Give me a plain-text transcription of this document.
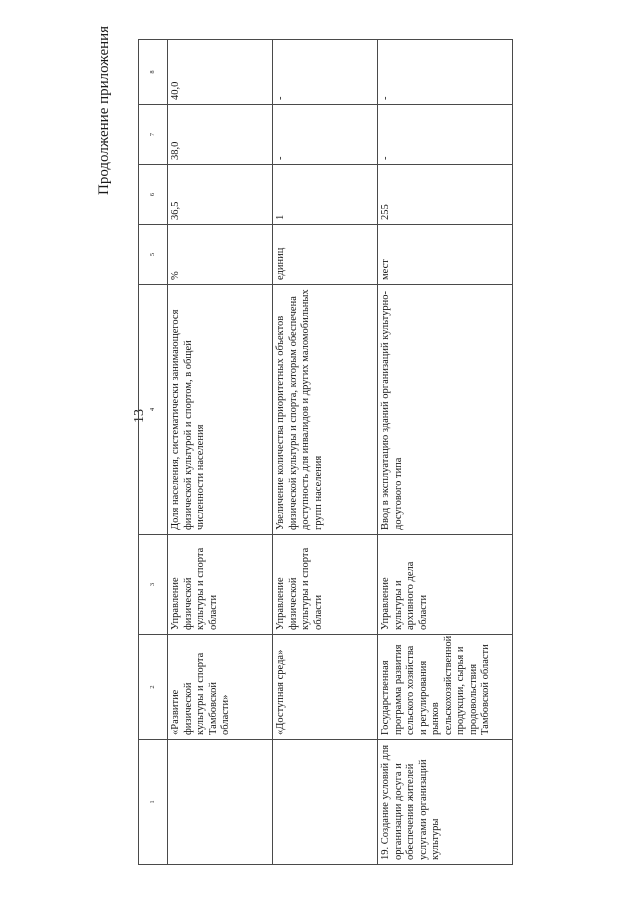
Продолжение приложения
13
1	2	3	4	5	6	7	8
	«Развитие физической культуры и спорта Тамбовской области»	Управление физической культуры и спорта области	Доля населения, систематически занимающегося физической культурой и спортом, в общей численности населения	%	36,5	38,0	40,0
	«Доступная среда»	Управление физической культуры и спорта области	Увеличение количества приоритетных объектов физической культуры и спорта, которым обеспечена доступность для инвалидов и других маломобильных групп населения	единиц	1	-	-
19. Создание условий для организации досуга и обеспечения жителей услугами организаций культуры	Государственная программа развития сельского хозяйства и регулирования рынков сельскохозяйственной продукции, сырья и продовольствия Тамбовской области	Управление культуры и архивного дела области	Ввод в эксплуатацию зданий организаций культурно-досугового типа	мест	255	-	-
